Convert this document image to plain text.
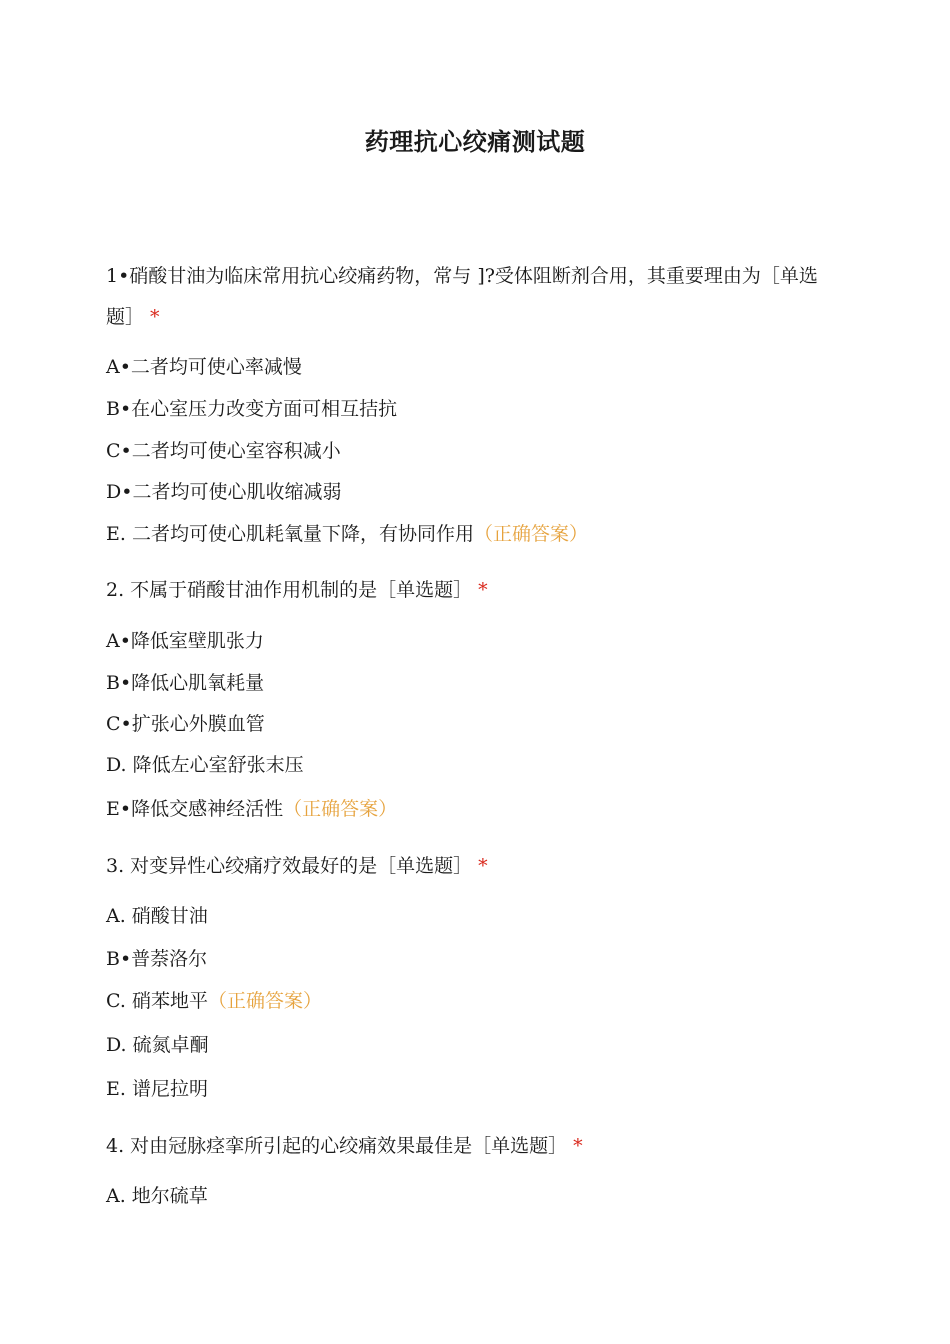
药理抗心绞痛测试题
1•硝酸甘油为临床常用抗心绞痛药物，常与 ]?受体阻断剂合用，其重要理由为［单选题］ *
A•二者均可使心率减慢
B•在心室压力改变方面可相互拮抗
C•二者均可使心室容积减小
D•二者均可使心肌收缩减弱
E. 二者均可使心肌耗氧量下降，有协同作用（正确答案）
2. 不属于硝酸甘油作用机制的是［单选题］ *
A•降低室壁肌张力
B•降低心肌氧耗量
C•扩张心外膜血管
D. 降低左心室舒张末压
E•降低交感神经活性（正确答案）
3. 对变异性心绞痛疗效最好的是［单选题］ *
A. 硝酸甘油
B•普萘洛尔
C. 硝苯地平（正确答案）
D. 硫氮卓酮
E. 谱尼拉明
4. 对由冠脉痉挛所引起的心绞痛效果最佳是［单选题］ *
A. 地尔硫草
